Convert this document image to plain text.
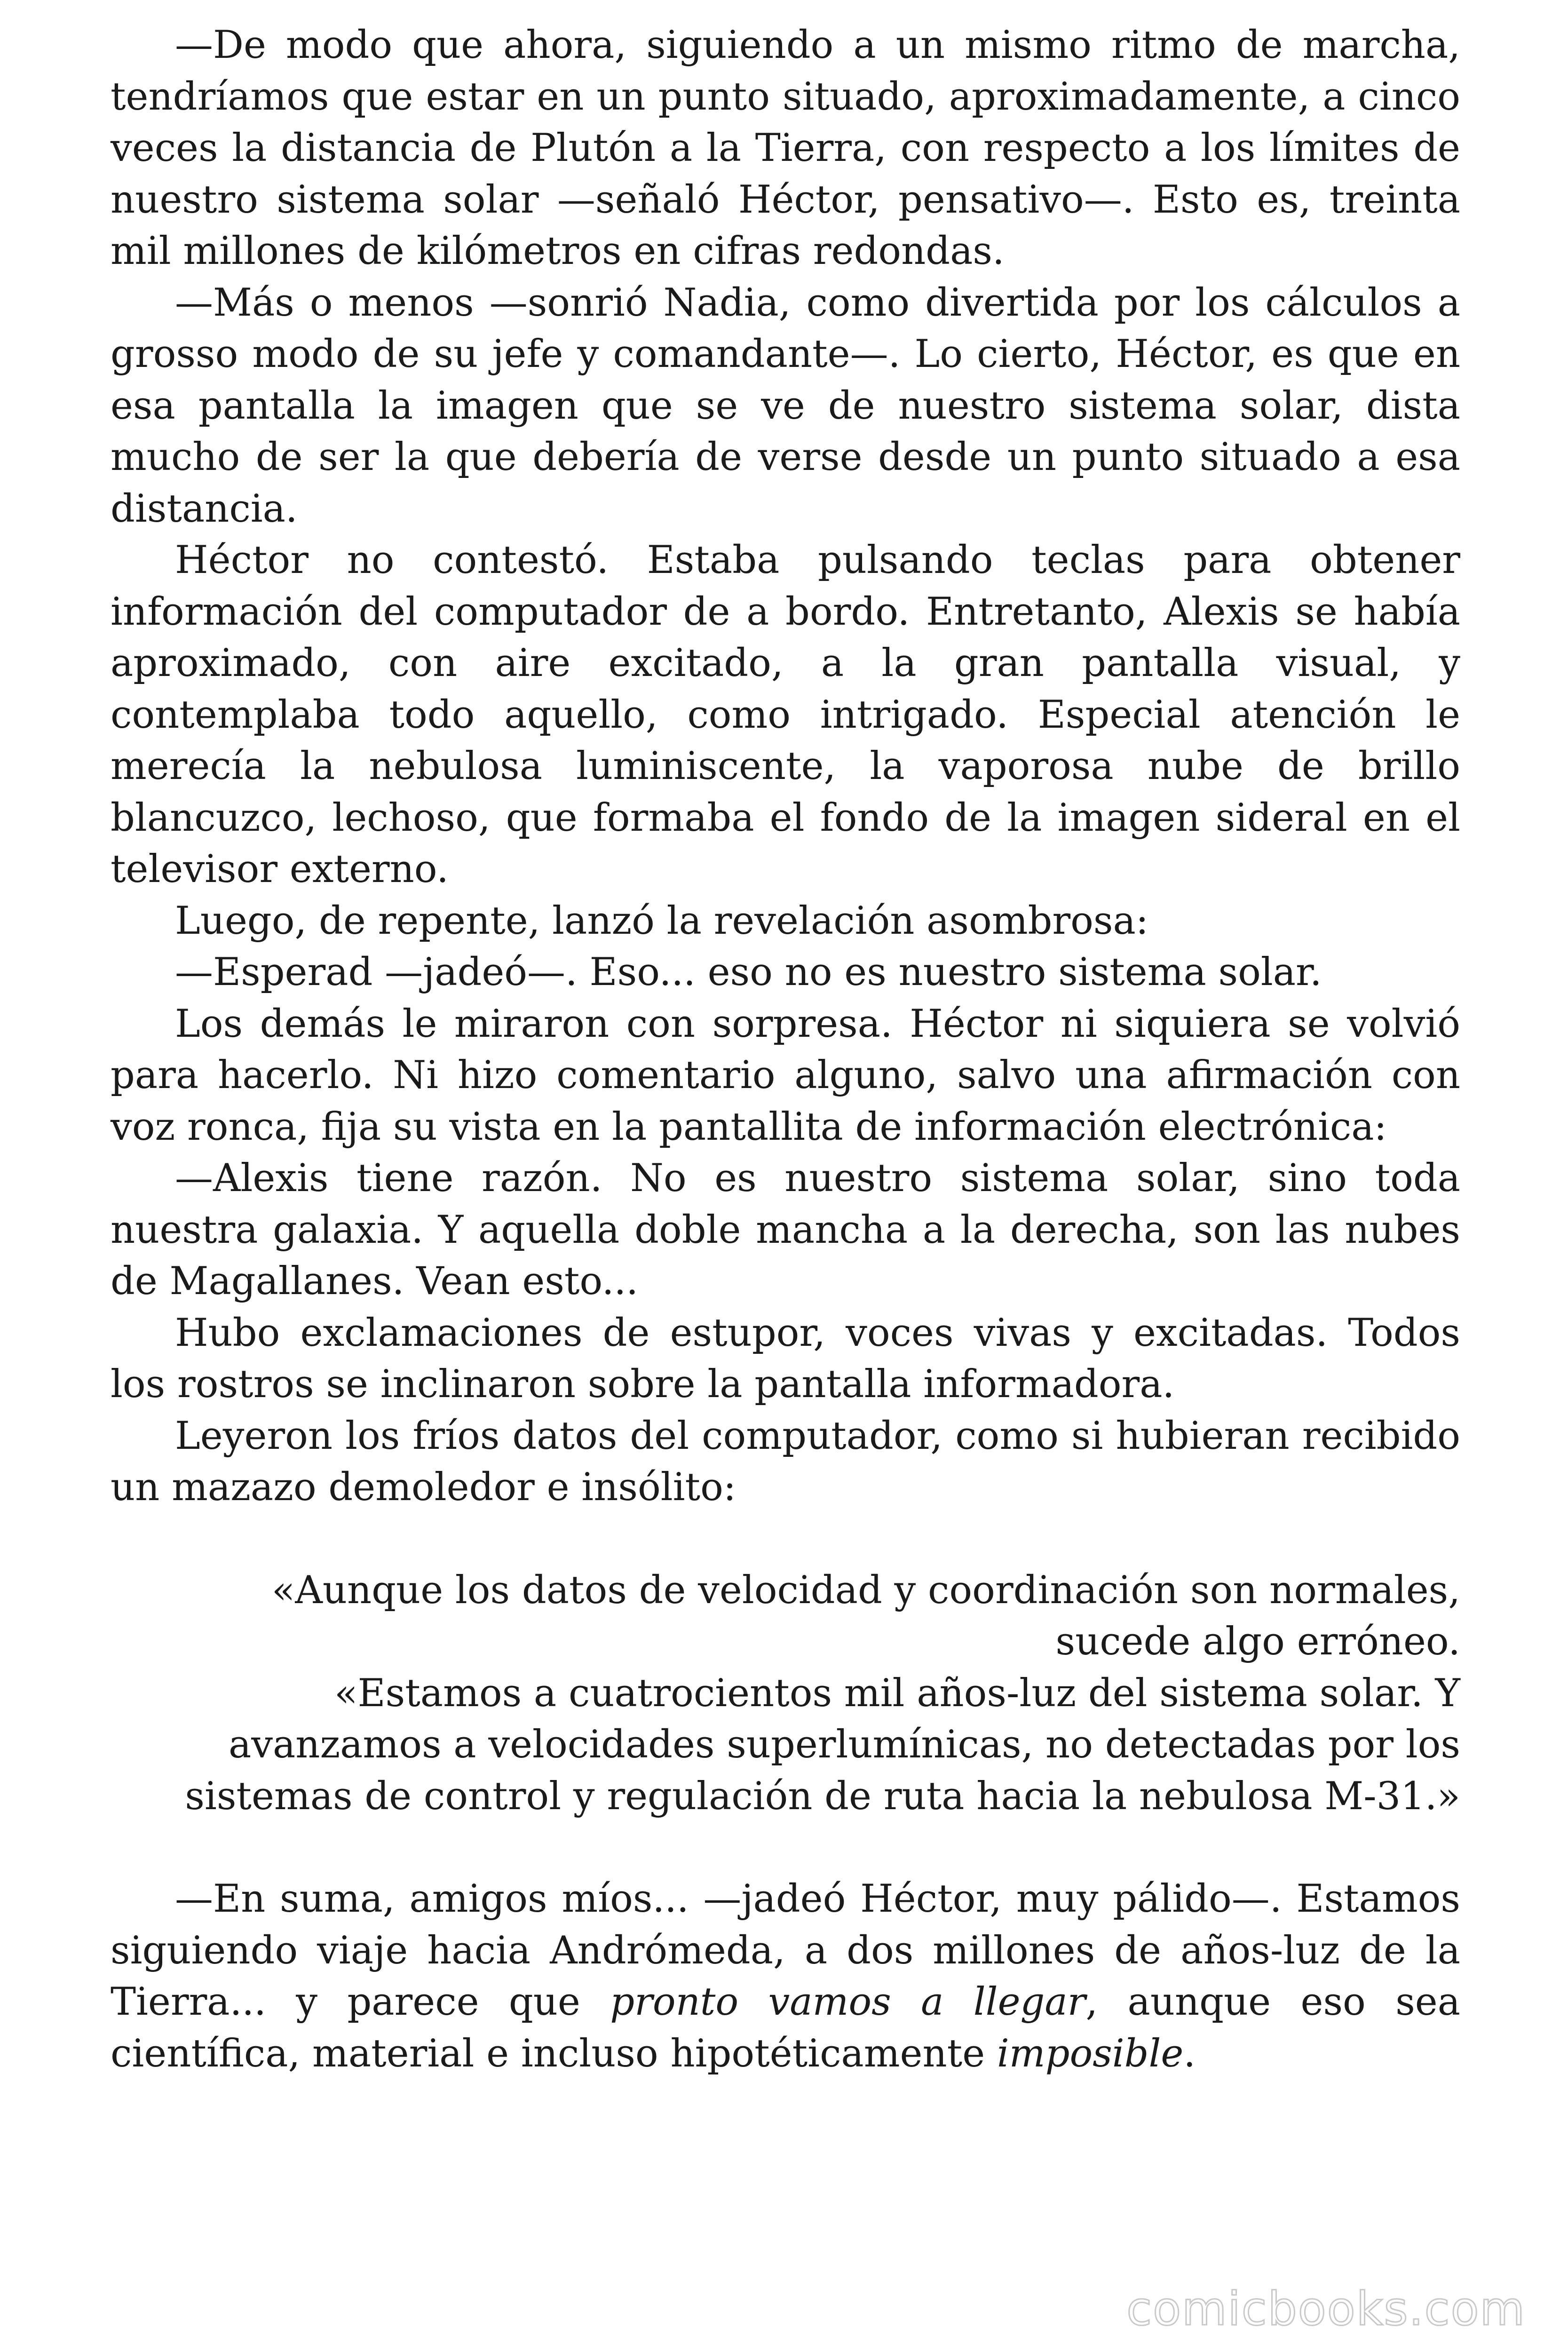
—De modo que ahora, siguiendo a un mismo ritmo de marcha, tendríamos que estar en un punto situado, aproximadamente, a cinco veces la distancia de Plutón a la Tierra, con respecto a los límites de nuestro sistema solar —señaló Héctor, pensativo—. Esto es, treinta mil millones de kilómetros en cifras redondas.

—Más o menos —sonrió Nadia, como divertida por los cálculos a grosso modo de su jefe y comandante—. Lo cierto, Héctor, es que en esa pantalla la imagen que se ve de nuestro sistema solar, dista mucho de ser la que debería de verse desde un punto situado a esa distancia.

Héctor no contestó. Estaba pulsando teclas para obtener información del computador de a bordo. Entretanto, Alexis se había aproximado, con aire excitado, a la gran pantalla visual, y contemplaba todo aquello, como intrigado. Especial atención le merecía la nebulosa luminiscente, la vaporosa nube de brillo blancuzco, lechoso, que formaba el fondo de la imagen sideral en el televisor externo.

Luego, de repente, lanzó la revelación asombrosa:

—Esperad —jadeó—. Eso... eso no es nuestro sistema solar.

Los demás le miraron con sorpresa. Héctor ni siquiera se volvió para hacerlo. Ni hizo comentario alguno, salvo una afirmación con voz ronca, fija su vista en la pantallita de información electrónica:

—Alexis tiene razón. No es nuestro sistema solar, sino toda nuestra galaxia. Y aquella doble mancha a la derecha, son las nubes de Magallanes. Vean esto...

Hubo exclamaciones de estupor, voces vivas y excitadas. Todos los rostros se inclinaron sobre la pantalla informadora.

Leyeron los fríos datos del computador, como si hubieran recibido un mazazo demoledor e insólito:

«Aunque los datos de velocidad y coordinación son normales,

sucede algo erróneo.

«Estamos a cuatrocientos mil años-luz del sistema solar. Y

avanzamos a velocidades superlumínicas, no detectadas por los

sistemas de control y regulación de ruta hacia la nebulosa M-31.»

—En suma, amigos míos... —jadeó Héctor, muy pálido—. Estamos siguiendo viaje hacia Andrómeda, a dos millones de años-luz de la Tierra... y parece que pronto vamos a llegar, aunque eso sea científica, material e incluso hipotéticamente imposible.

comicbooks.com
